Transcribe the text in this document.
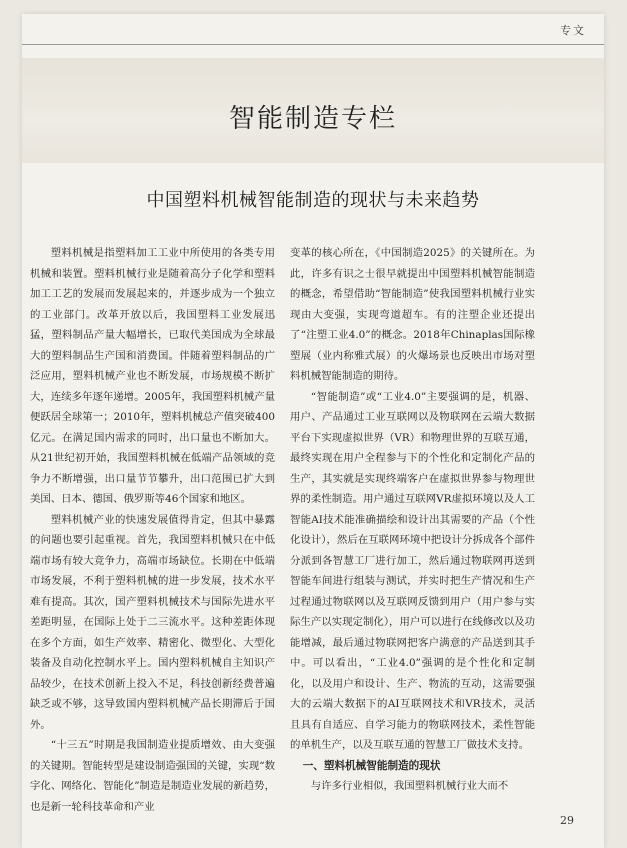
专文
智能制造专栏
中国塑料机械智能制造的现状与未来趋势

塑料机械是指塑料加工工业中所使用的各类专用机械和装置。塑料机械行业是随着高分子化学和塑料加工工艺的发展而发展起来的，并逐步成为一个独立的工业部门。改革开放以后，我国塑料工业发展迅猛，塑料制品产量大幅增长，已取代美国成为全球最大的塑料制品生产国和消费国。伴随着塑料制品的广泛应用，塑料机械产业也不断发展，市场规模不断扩大，连续多年逐年递增。2005年，我国塑料机械产量便跃居全球第一；2010年，塑料机械总产值突破400亿元。在满足国内需求的同时，出口量也不断加大。从21世纪初开始，我国塑料机械在低端产品领域的竞争力不断增强，出口量节节攀升，出口范围已扩大到美国、日本、德国、俄罗斯等46个国家和地区。

塑料机械产业的快速发展值得肯定，但其中暴露的问题也要引起重视。首先，我国塑料机械只在中低端市场有较大竞争力，高端市场缺位。长期在中低端市场发展，不利于塑料机械的进一步发展，技术水平难有提高。其次，国产塑料机械技术与国际先进水平差距明显，在国际上处于二三流水平。这种差距体现在多个方面，如生产效率、精密化、微型化、大型化装备及自动化控制水平上。国内塑料机械自主知识产品较少，在技术创新上投入不足，科技创新经费普遍缺乏或不够，这导致国内塑料机械产品长期滞后于国外。

“十三五”时期是我国制造业提质增效、由大变强的关键期。智能转型是建设制造强国的关键，实现“数字化、网络化、智能化”制造是制造业发展的新趋势，也是新一轮科技革命和产业

变革的核心所在，《中国制造2025》的关键所在。为此，许多有识之士很早就提出中国塑料机械智能制造的概念，希望借助“智能制造”使我国塑料机械行业实现由大变强，实现弯道超车。有的注塑企业还提出了“注塑工业4.0”的概念。2018年Chinaplas国际橡塑展（业内称雅式展）的火爆场景也反映出市场对塑料机械智能制造的期待。

“智能制造”或“工业4.0”主要强调的是，机器、用户、产品通过工业互联网以及物联网在云端大数据平台下实现虚拟世界（VR）和物理世界的互联互通，最终实现在用户全程参与下的个性化和定制化产品的生产，其实就是实现终端客户在虚拟世界参与物理世界的柔性制造。用户通过互联网VR虚拟环境以及人工智能AI技术能准确描绘和设计出其需要的产品（个性化设计），然后在互联网环境中把设计分拆成各个部件分派到各智慧工厂进行加工，然后通过物联网再送到智能车间进行组装与测试，并实时把生产情况和生产过程通过物联网以及互联网反馈到用户（用户参与实际生产以实现定制化），用户可以进行在线修改以及功能增减，最后通过物联网把客户满意的产品送到其手中。可以看出，“工业4.0”强调的是个性化和定制化，以及用户和设计、生产、物流的互动，这需要强大的云端大数据下的AI互联网技术和VR技术，灵活且具有自适应、自学习能力的物联网技术，柔性智能的单机生产，以及互联互通的智慧工厂做技术支持。

一、塑料机械智能制造的现状

与许多行业相似，我国塑料机械行业大而不

29
